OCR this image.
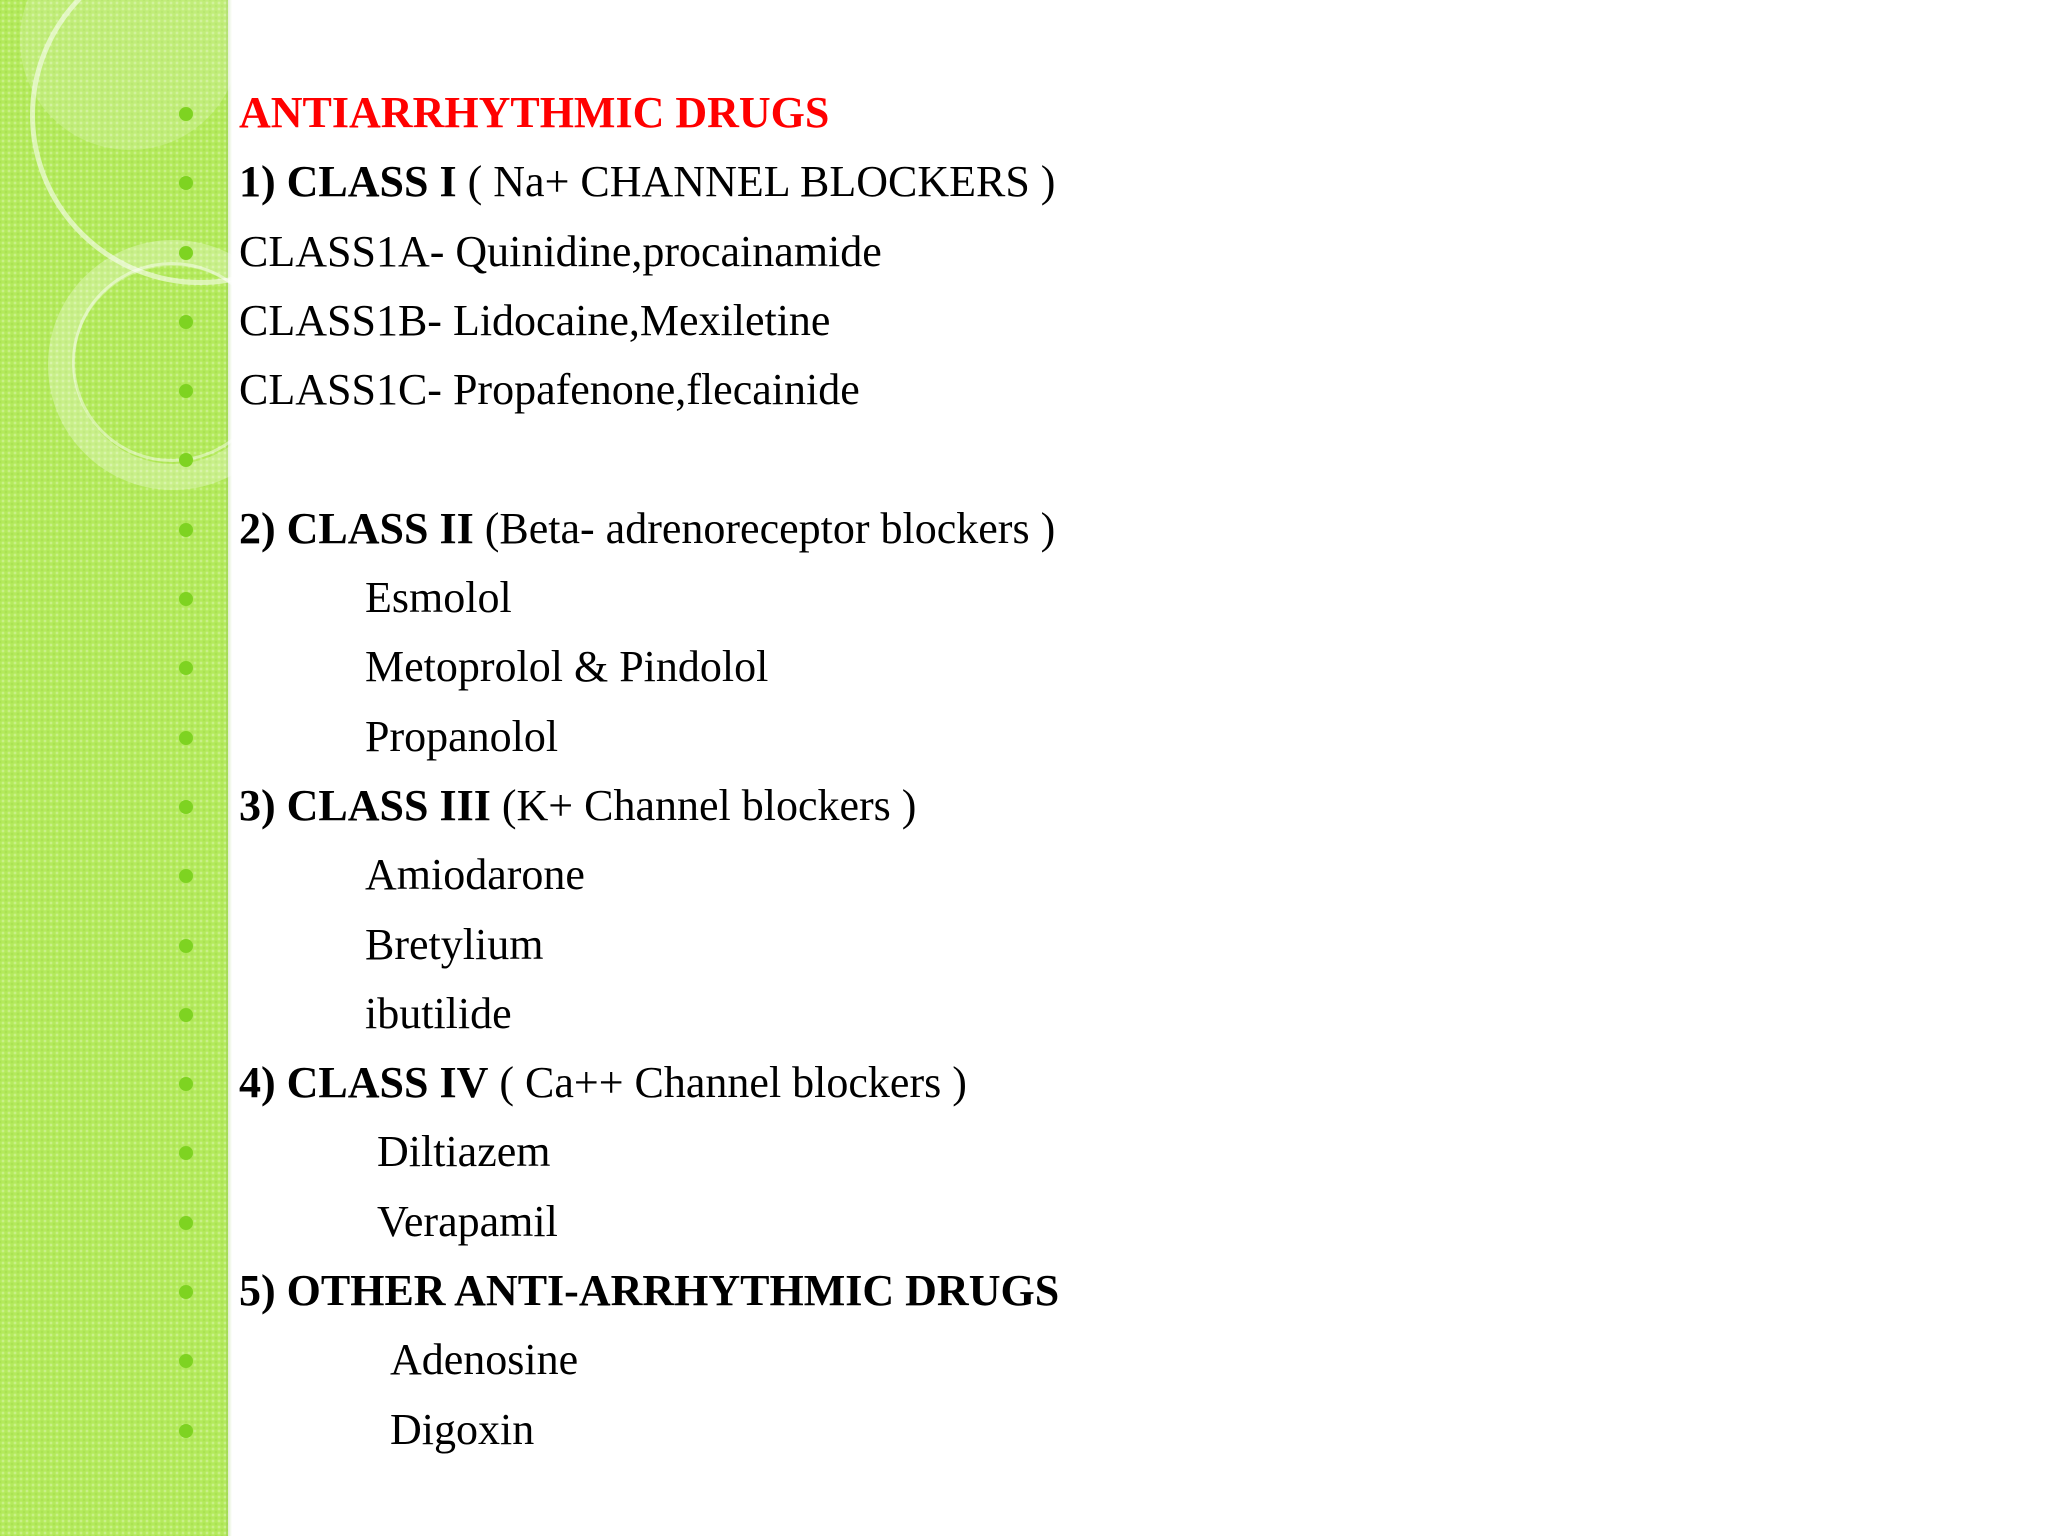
ANTIARRHYTHMIC DRUGS
1) CLASS I ( Na+ CHANNEL BLOCKERS )
CLASS1A- Quinidine,procainamide
CLASS1B- Lidocaine,Mexiletine
CLASS1C- Propafenone,flecainide
2) CLASS II (Beta- adrenoreceptor blockers )
Esmolol
Metoprolol & Pindolol
Propanolol
3) CLASS III (K+ Channel blockers )
Amiodarone
Bretylium
ibutilide
4) CLASS IV ( Ca++ Channel blockers )
Diltiazem
Verapamil
5) OTHER ANTI-ARRHYTHMIC DRUGS
Adenosine
Digoxin
